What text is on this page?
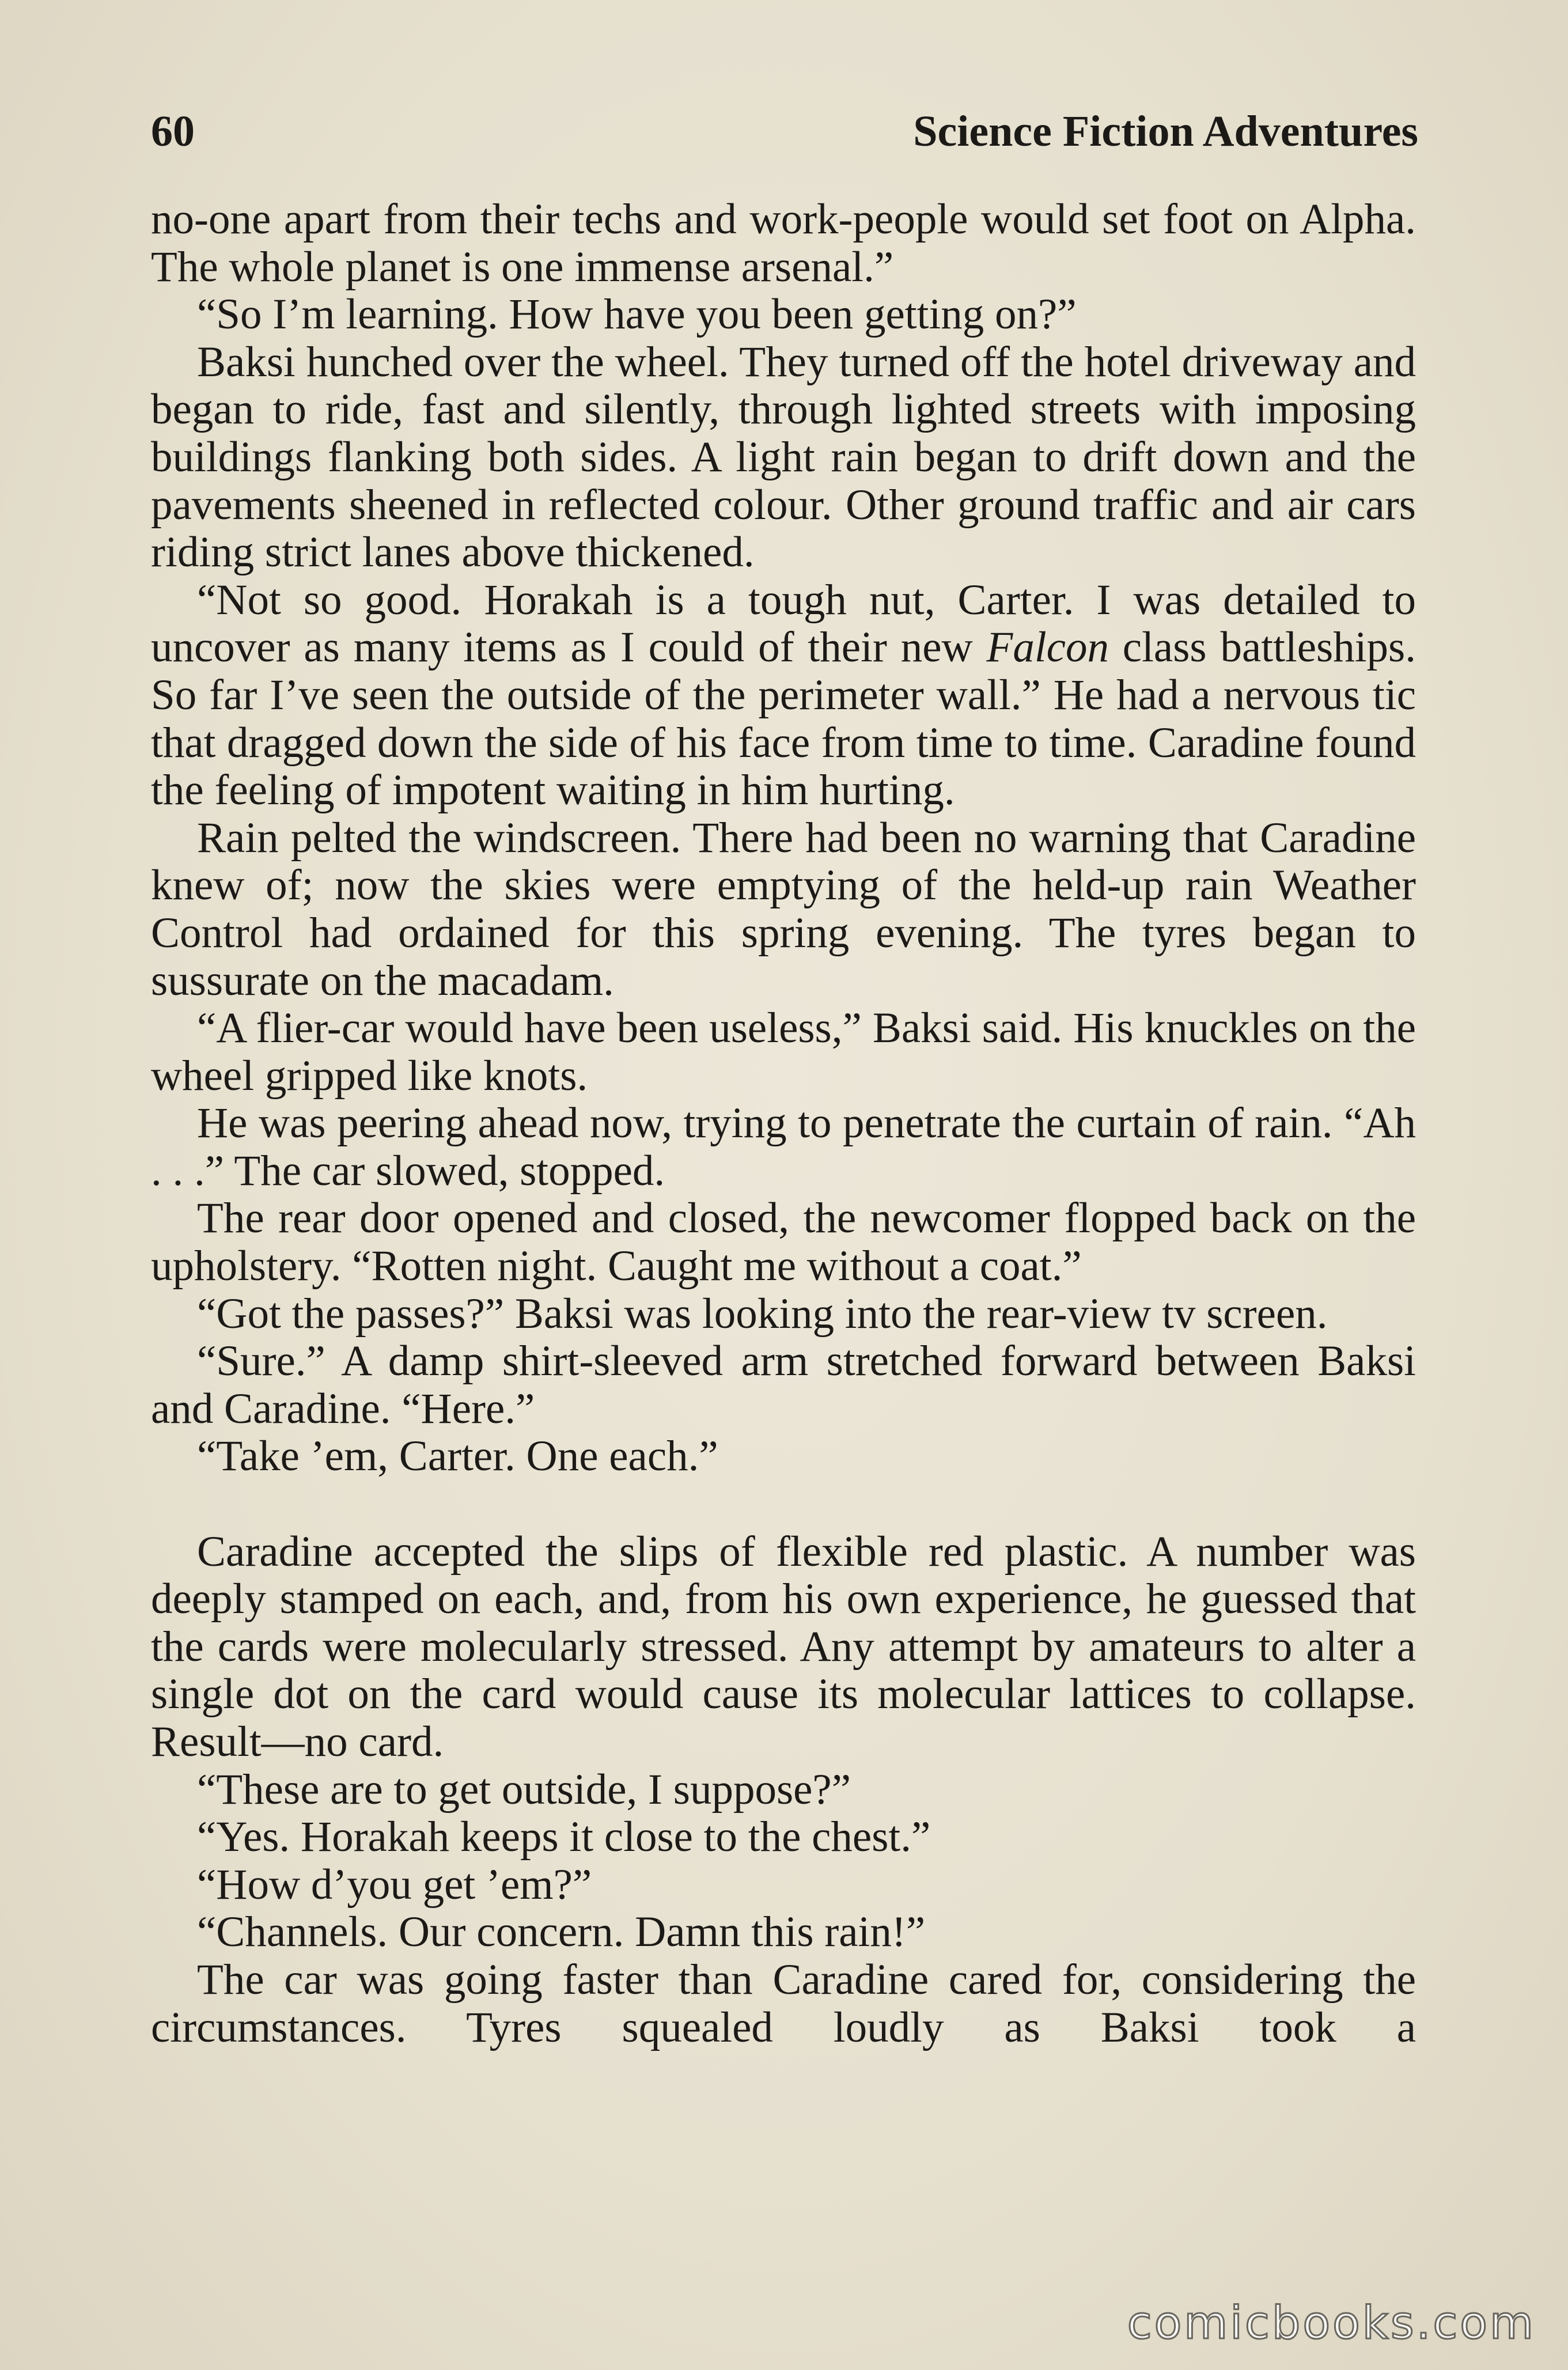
60	Science Fiction Adventures

no-one apart from their techs and work-people would set foot on Alpha. The whole planet is one immense arsenal.”

“So I’m learning. How have you been getting on?”

Baksi hunched over the wheel. They turned off the hotel driveway and began to ride, fast and silently, through lighted streets with imposing buildings flanking both sides. A light rain began to drift down and the pavements sheened in reflected colour. Other ground traffic and air cars riding strict lanes above thickened.

“Not so good. Horakah is a tough nut, Carter. I was detailed to uncover as many items as I could of their new Falcon class battleships. So far I’ve seen the outside of the perimeter wall.” He had a nervous tic that dragged down the side of his face from time to time. Caradine found the feeling of impotent waiting in him hurting.

Rain pelted the windscreen. There had been no warning that Caradine knew of; now the skies were emptying of the held-up rain Weather Control had ordained for this spring evening. The tyres began to sussurate on the macadam.

“A flier-car would have been useless,” Baksi said. His knuckles on the wheel gripped like knots.

He was peering ahead now, trying to penetrate the curtain of rain. “Ah . . .” The car slowed, stopped.

The rear door opened and closed, the newcomer flopped back on the upholstery. “Rotten night. Caught me without a coat.”

“Got the passes?” Baksi was looking into the rear-view tv screen.

“Sure.” A damp shirt-sleeved arm stretched forward between Baksi and Caradine. “Here.”

“Take ’em, Carter. One each.”

Caradine accepted the slips of flexible red plastic. A number was deeply stamped on each, and, from his own experience, he guessed that the cards were molecularly stressed. Any attempt by amateurs to alter a single dot on the card would cause its molecular lattices to collapse. Result—no card.

“These are to get outside, I suppose?”

“Yes. Horakah keeps it close to the chest.”

“How d’you get ’em?”

“Channels. Our concern. Damn this rain!”

The car was going faster than Caradine cared for, considering the circumstances. Tyres squealed loudly as Baksi took a

comicbooks.com
